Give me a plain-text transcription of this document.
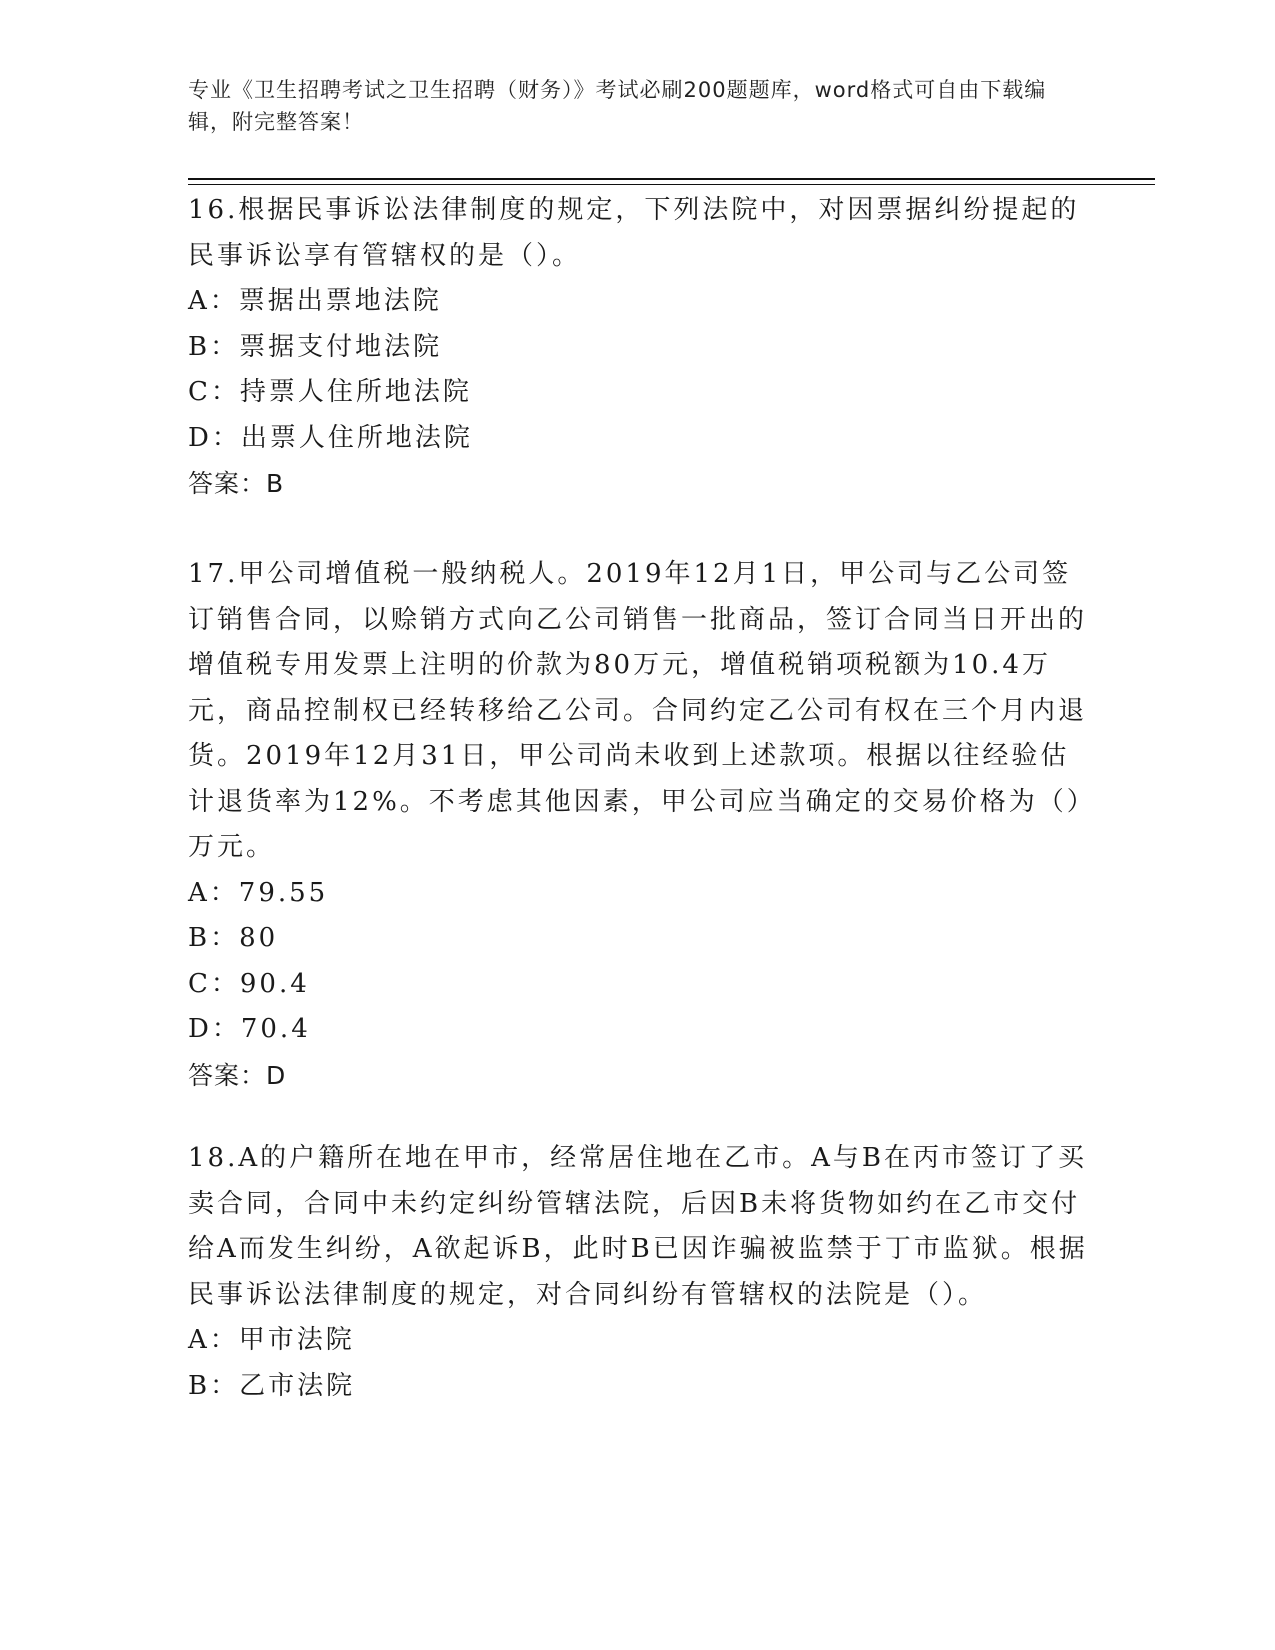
专业《卫生招聘考试之卫生招聘（财务）》考试必刷200题题库，word格式可自由下载编辑，附完整答案！

16.根据民事诉讼法律制度的规定，下列法院中，对因票据纠纷提起的民事诉讼享有管辖权的是（）。

A：票据出票地法院

B：票据支付地法院

C：持票人住所地法院

D：出票人住所地法院

答案：B

17.甲公司增值税一般纳税人。2019年12月1日，甲公司与乙公司签订销售合同，以赊销方式向乙公司销售一批商品，签订合同当日开出的增值税专用发票上注明的价款为80万元，增值税销项税额为10.4万元，商品控制权已经转移给乙公司。合同约定乙公司有权在三个月内退货。2019年12月31日，甲公司尚未收到上述款项。根据以往经验估计退货率为12%。不考虑其他因素，甲公司应当确定的交易价格为（）万元。

A：79.55

B：80

C：90.4

D：70.4

答案：D

18.A的户籍所在地在甲市，经常居住地在乙市。A与B在丙市签订了买卖合同，合同中未约定纠纷管辖法院，后因B未将货物如约在乙市交付给A而发生纠纷，A欲起诉B，此时B已因诈骗被监禁于丁市监狱。根据民事诉讼法律制度的规定，对合同纠纷有管辖权的法院是（）。

A：甲市法院

B：乙市法院
